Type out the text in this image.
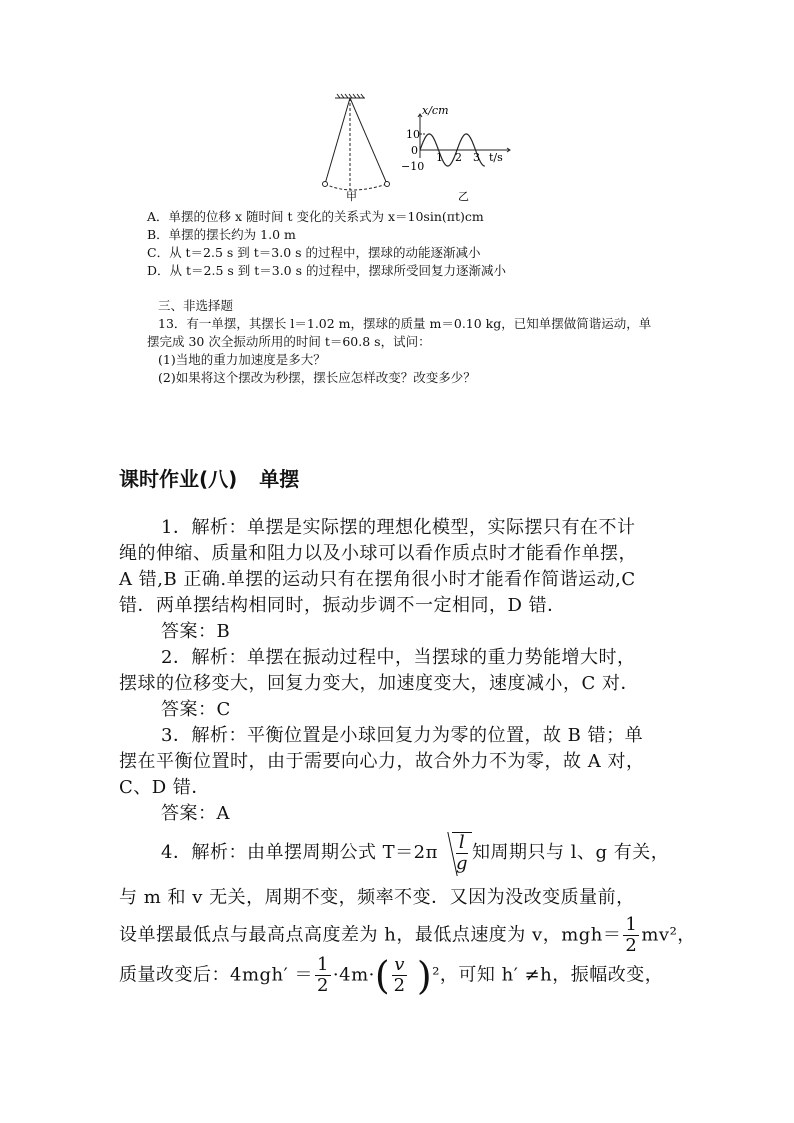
x/cm
t/s
10
0
−10
1 2 3
甲	乙
A．单摆的位移 x 随时间 t 变化的关系式为 x＝10sin(πt)cm
B．单摆的摆长约为 1.0 m
C．从 t＝2.5 s 到 t＝3.0 s 的过程中，摆球的动能逐渐减小
D．从 t＝2.5 s 到 t＝3.0 s 的过程中，摆球所受回复力逐渐减小
三、非选择题
13．有一单摆，其摆长 l＝1.02 m，摆球的质量 m＝0.10 kg，已知单摆做简谐运动，单
摆完成 30 次全振动所用的时间 t＝60.8 s，试问：
(1)当地的重力加速度是多大？
(2)如果将这个摆改为秒摆，摆长应怎样改变？改变多少？
课时作业(八) 单摆
1．解析：单摆是实际摆的理想化模型，实际摆只有在不计
绳的伸缩、质量和阻力以及小球可以看作质点时才能看作单摆，
A 错,B 正确.单摆的运动只有在摆角很小时才能看作简谐运动,C
错．两单摆结构相同时，振动步调不一定相同，D 错．
答案：B
2．解析：单摆在振动过程中，当摆球的重力势能增大时，
摆球的位移变大，回复力变大，加速度变大，速度减小，C 对．
答案：C
3．解析：平衡位置是小球回复力为零的位置，故 B 错；单
摆在平衡位置时，由于需要向心力，故合外力不为零，故 A 对，
C、D 错．
答案：A
4．解析：由单摆周期公式 $T=2\pi \frac{l}{g}$ 知周期只与 l、g 有关，
与 m 和 v 无关，周期不变，频率不变．又因为没改变质量前，
设单摆最低点与最高点高度差为 h，最低点速度为 v，$mgh= \frac{1}{2} mv^2$，
质量改变后：$4mgh' = \frac{1}{2} \cdot 4m\cdot( \frac{v}{2} )^2$，可知 h′ ≠h，振幅改变，
